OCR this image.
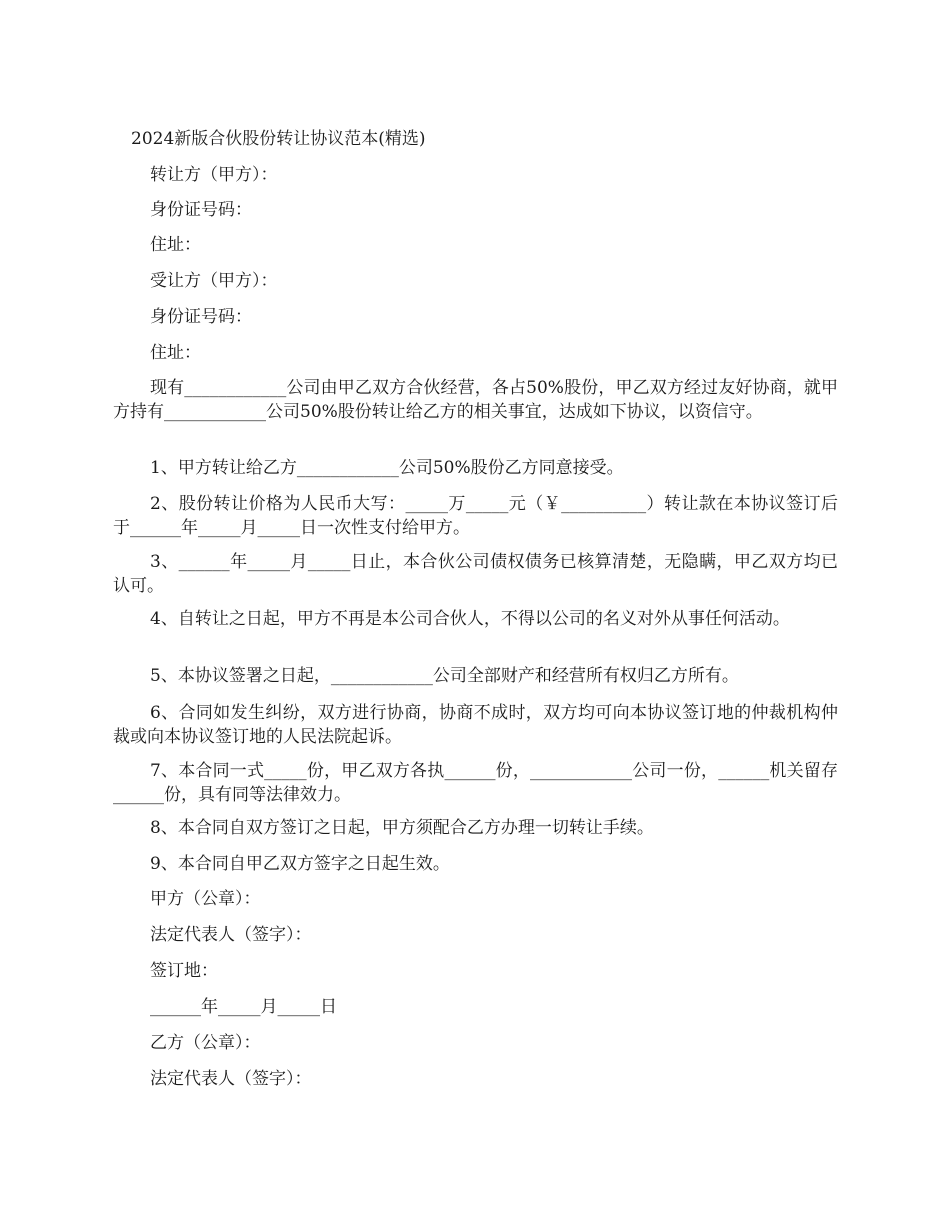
2024新版合伙股份转让协议范本(精选)

转让方（甲方）：

身份证号码：

住址：

受让方（甲方）：

身份证号码：

住址：

现有____________公司由甲乙双方合伙经营，各占50%股份，甲乙双方经过友好协商，就甲方持有____________公司50%股份转让给乙方的相关事宜，达成如下协议，以资信守。

1、甲方转让给乙方____________公司50%股份乙方同意接受。

2、股份转让价格为人民币大写：_____万_____元（￥__________）转让款在本协议签订后于______年_____月_____日一次性支付给甲方。

3、______年_____月_____日止，本合伙公司债权债务已核算清楚，无隐瞒，甲乙双方均已认可。

4、自转让之日起，甲方不再是本公司合伙人，不得以公司的名义对外从事任何活动。

5、本协议签署之日起，____________公司全部财产和经营所有权归乙方所有。

6、合同如发生纠纷，双方进行协商，协商不成时，双方均可向本协议签订地的仲裁机构仲裁或向本协议签订地的人民法院起诉。

7、本合同一式_____份，甲乙双方各执______份，____________公司一份，______机关留存______份，具有同等法律效力。

8、本合同自双方签订之日起，甲方须配合乙方办理一切转让手续。

9、本合同自甲乙双方签字之日起生效。

甲方（公章）：

法定代表人（签字）：

签订地：

______年_____月_____日

乙方（公章）：

法定代表人（签字）：
